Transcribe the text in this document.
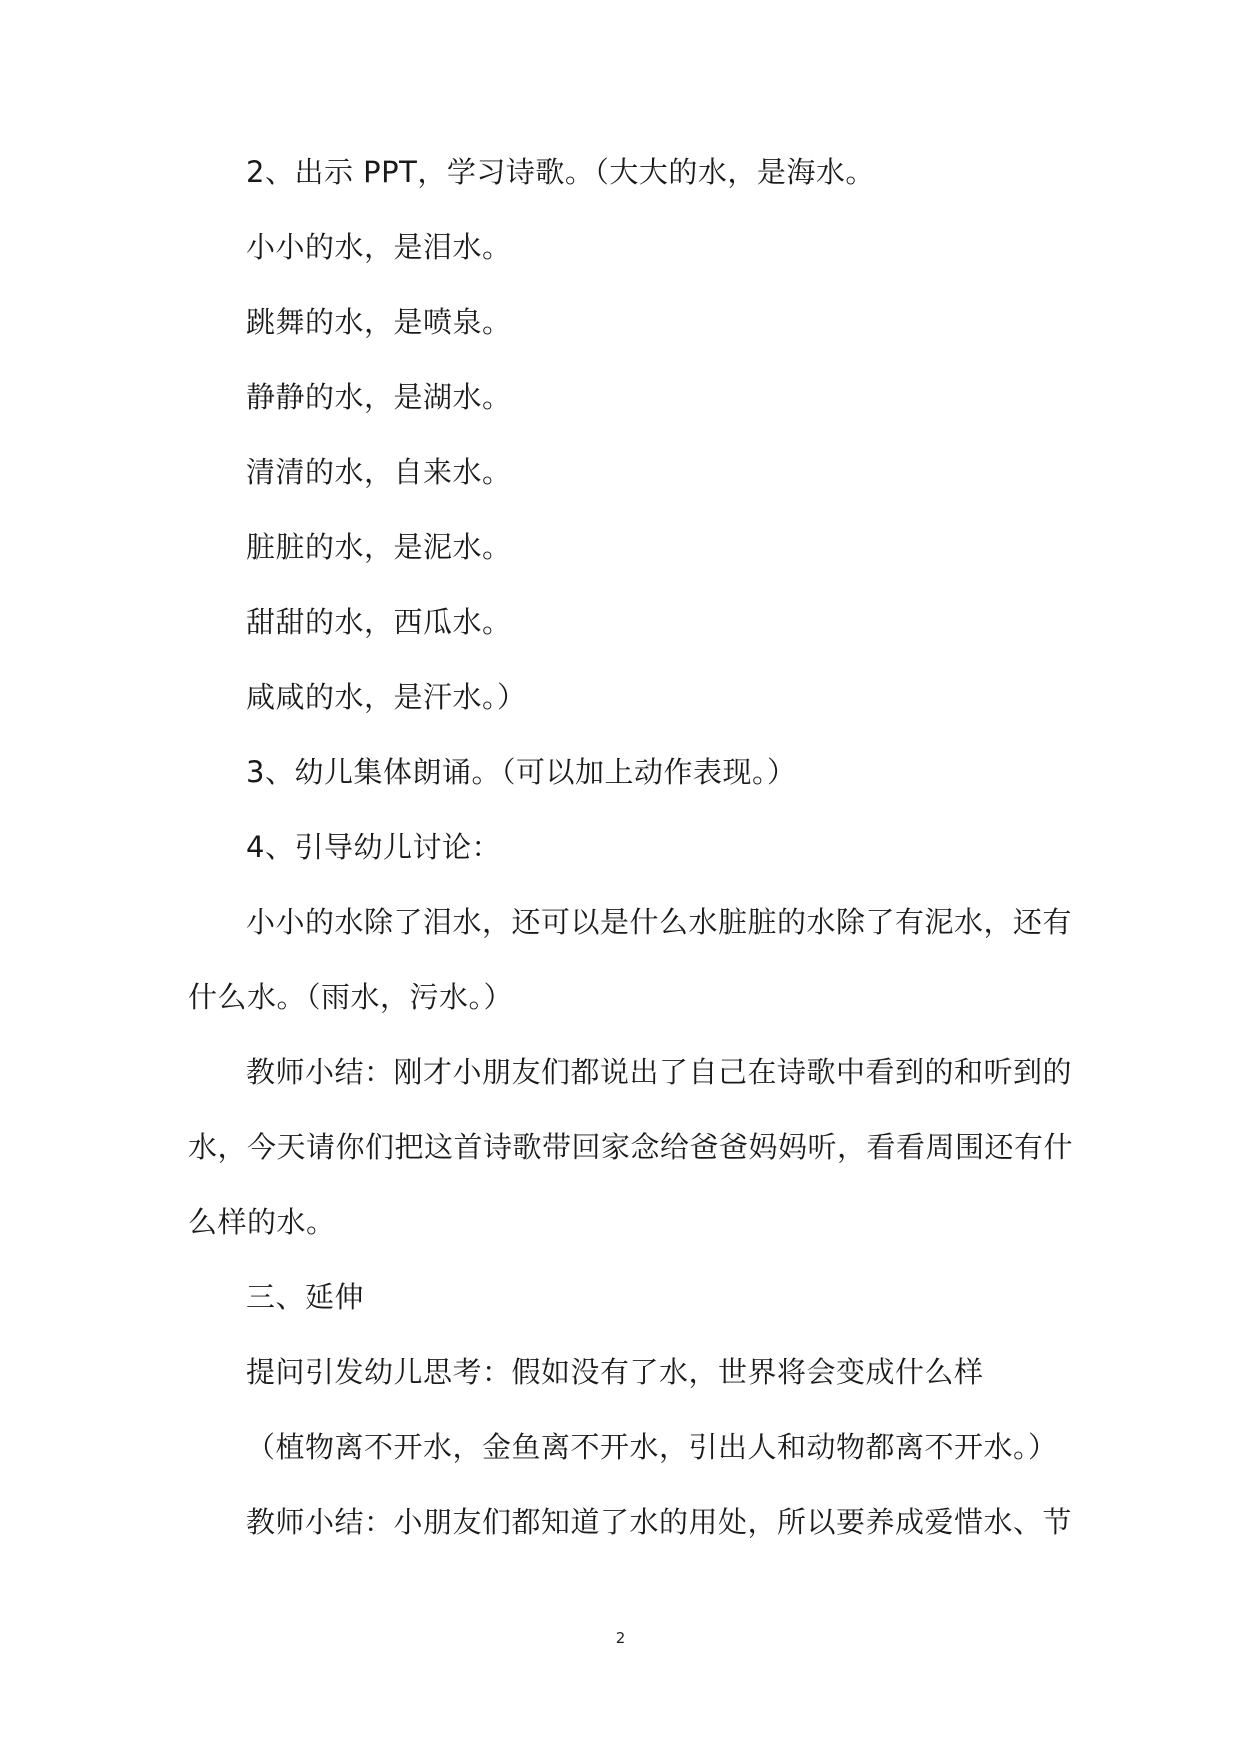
2、出示 PPT，学习诗歌。（大大的水，是海水。
小小的水，是泪水。
跳舞的水，是喷泉。
静静的水，是湖水。
清清的水，自来水。
脏脏的水，是泥水。
甜甜的水，西瓜水。
咸咸的水，是汗水。）
3、幼儿集体朗诵。（可以加上动作表现。）
4、引导幼儿讨论：
小小的水除了泪水，还可以是什么水脏脏的水除了有泥水，还有
什么水。（雨水，污水。）
教师小结：刚才小朋友们都说出了自己在诗歌中看到的和听到的
水，今天请你们把这首诗歌带回家念给爸爸妈妈听，看看周围还有什
么样的水。
三、延伸
提问引发幼儿思考：假如没有了水，世界将会变成什么样
（植物离不开水，金鱼离不开水，引出人和动物都离不开水。）
教师小结：小朋友们都知道了水的用处，所以要养成爱惜水、节
2
